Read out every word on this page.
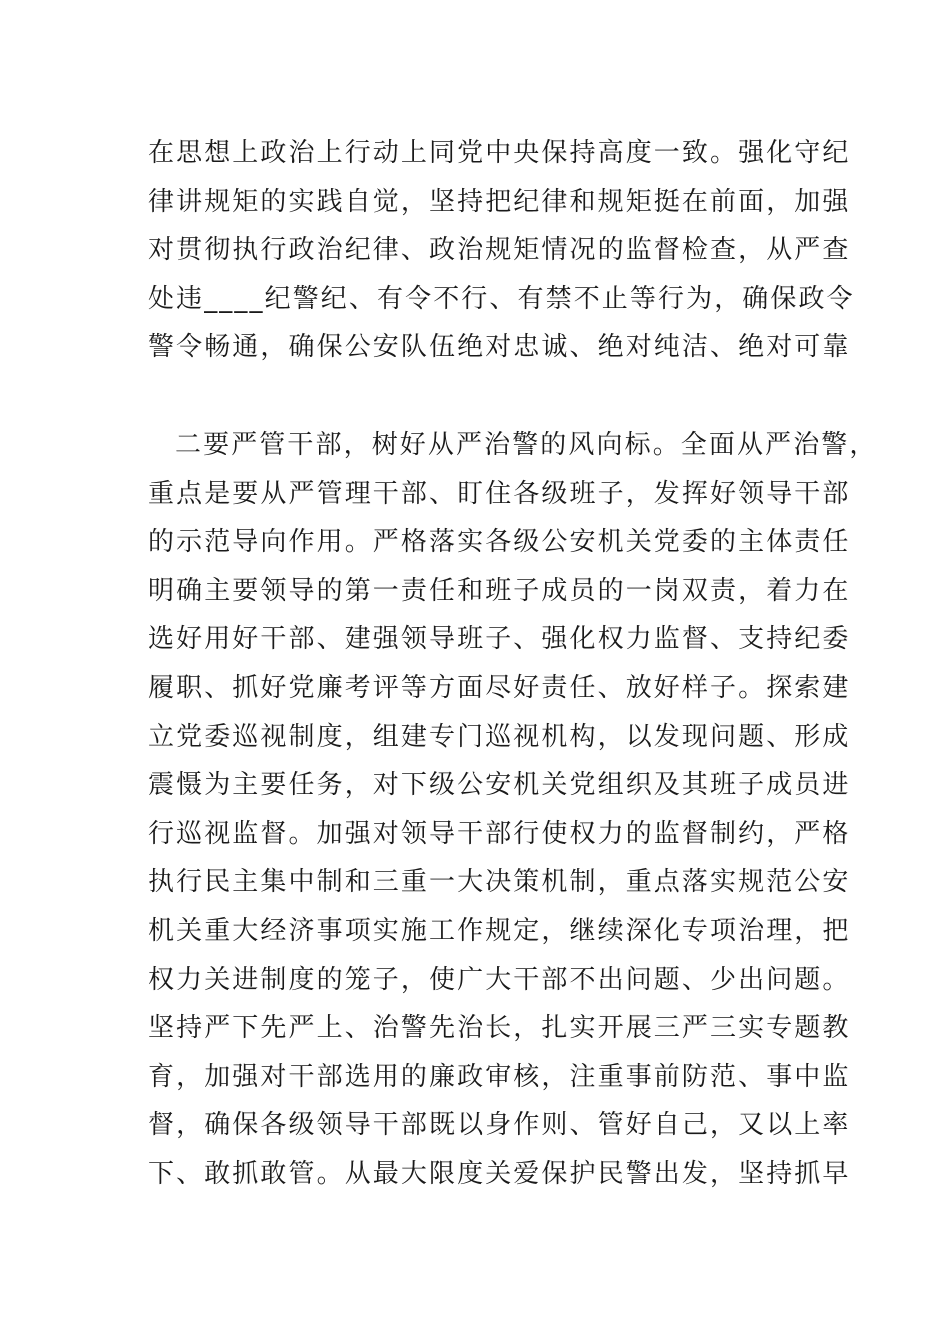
在思想上政治上行动上同党中央保持高度一致。强化守纪
律讲规矩的实践自觉，坚持把纪律和规矩挺在前面，加强
对贯彻执行政治纪律、政治规矩情况的监督检查，从严查
处违____纪警纪、有令不行、有禁不止等行为，确保政令
警令畅通，确保公安队伍绝对忠诚、绝对纯洁、绝对可靠
二要严管干部，树好从严治警的风向标。全面从严治警，
重点是要从严管理干部、盯住各级班子，发挥好领导干部
的示范导向作用。严格落实各级公安机关党委的主体责任
明确主要领导的第一责任和班子成员的一岗双责，着力在
选好用好干部、建强领导班子、强化权力监督、支持纪委
履职、抓好党廉考评等方面尽好责任、放好样子。探索建
立党委巡视制度，组建专门巡视机构，以发现问题、形成
震慑为主要任务，对下级公安机关党组织及其班子成员进
行巡视监督。加强对领导干部行使权力的监督制约，严格
执行民主集中制和三重一大决策机制，重点落实规范公安
机关重大经济事项实施工作规定，继续深化专项治理，把
权力关进制度的笼子，使广大干部不出问题、少出问题。
坚持严下先严上、治警先治长，扎实开展三严三实专题教
育，加强对干部选用的廉政审核，注重事前防范、事中监
督，确保各级领导干部既以身作则、管好自己，又以上率
下、敢抓敢管。从最大限度关爱保护民警出发，坚持抓早
